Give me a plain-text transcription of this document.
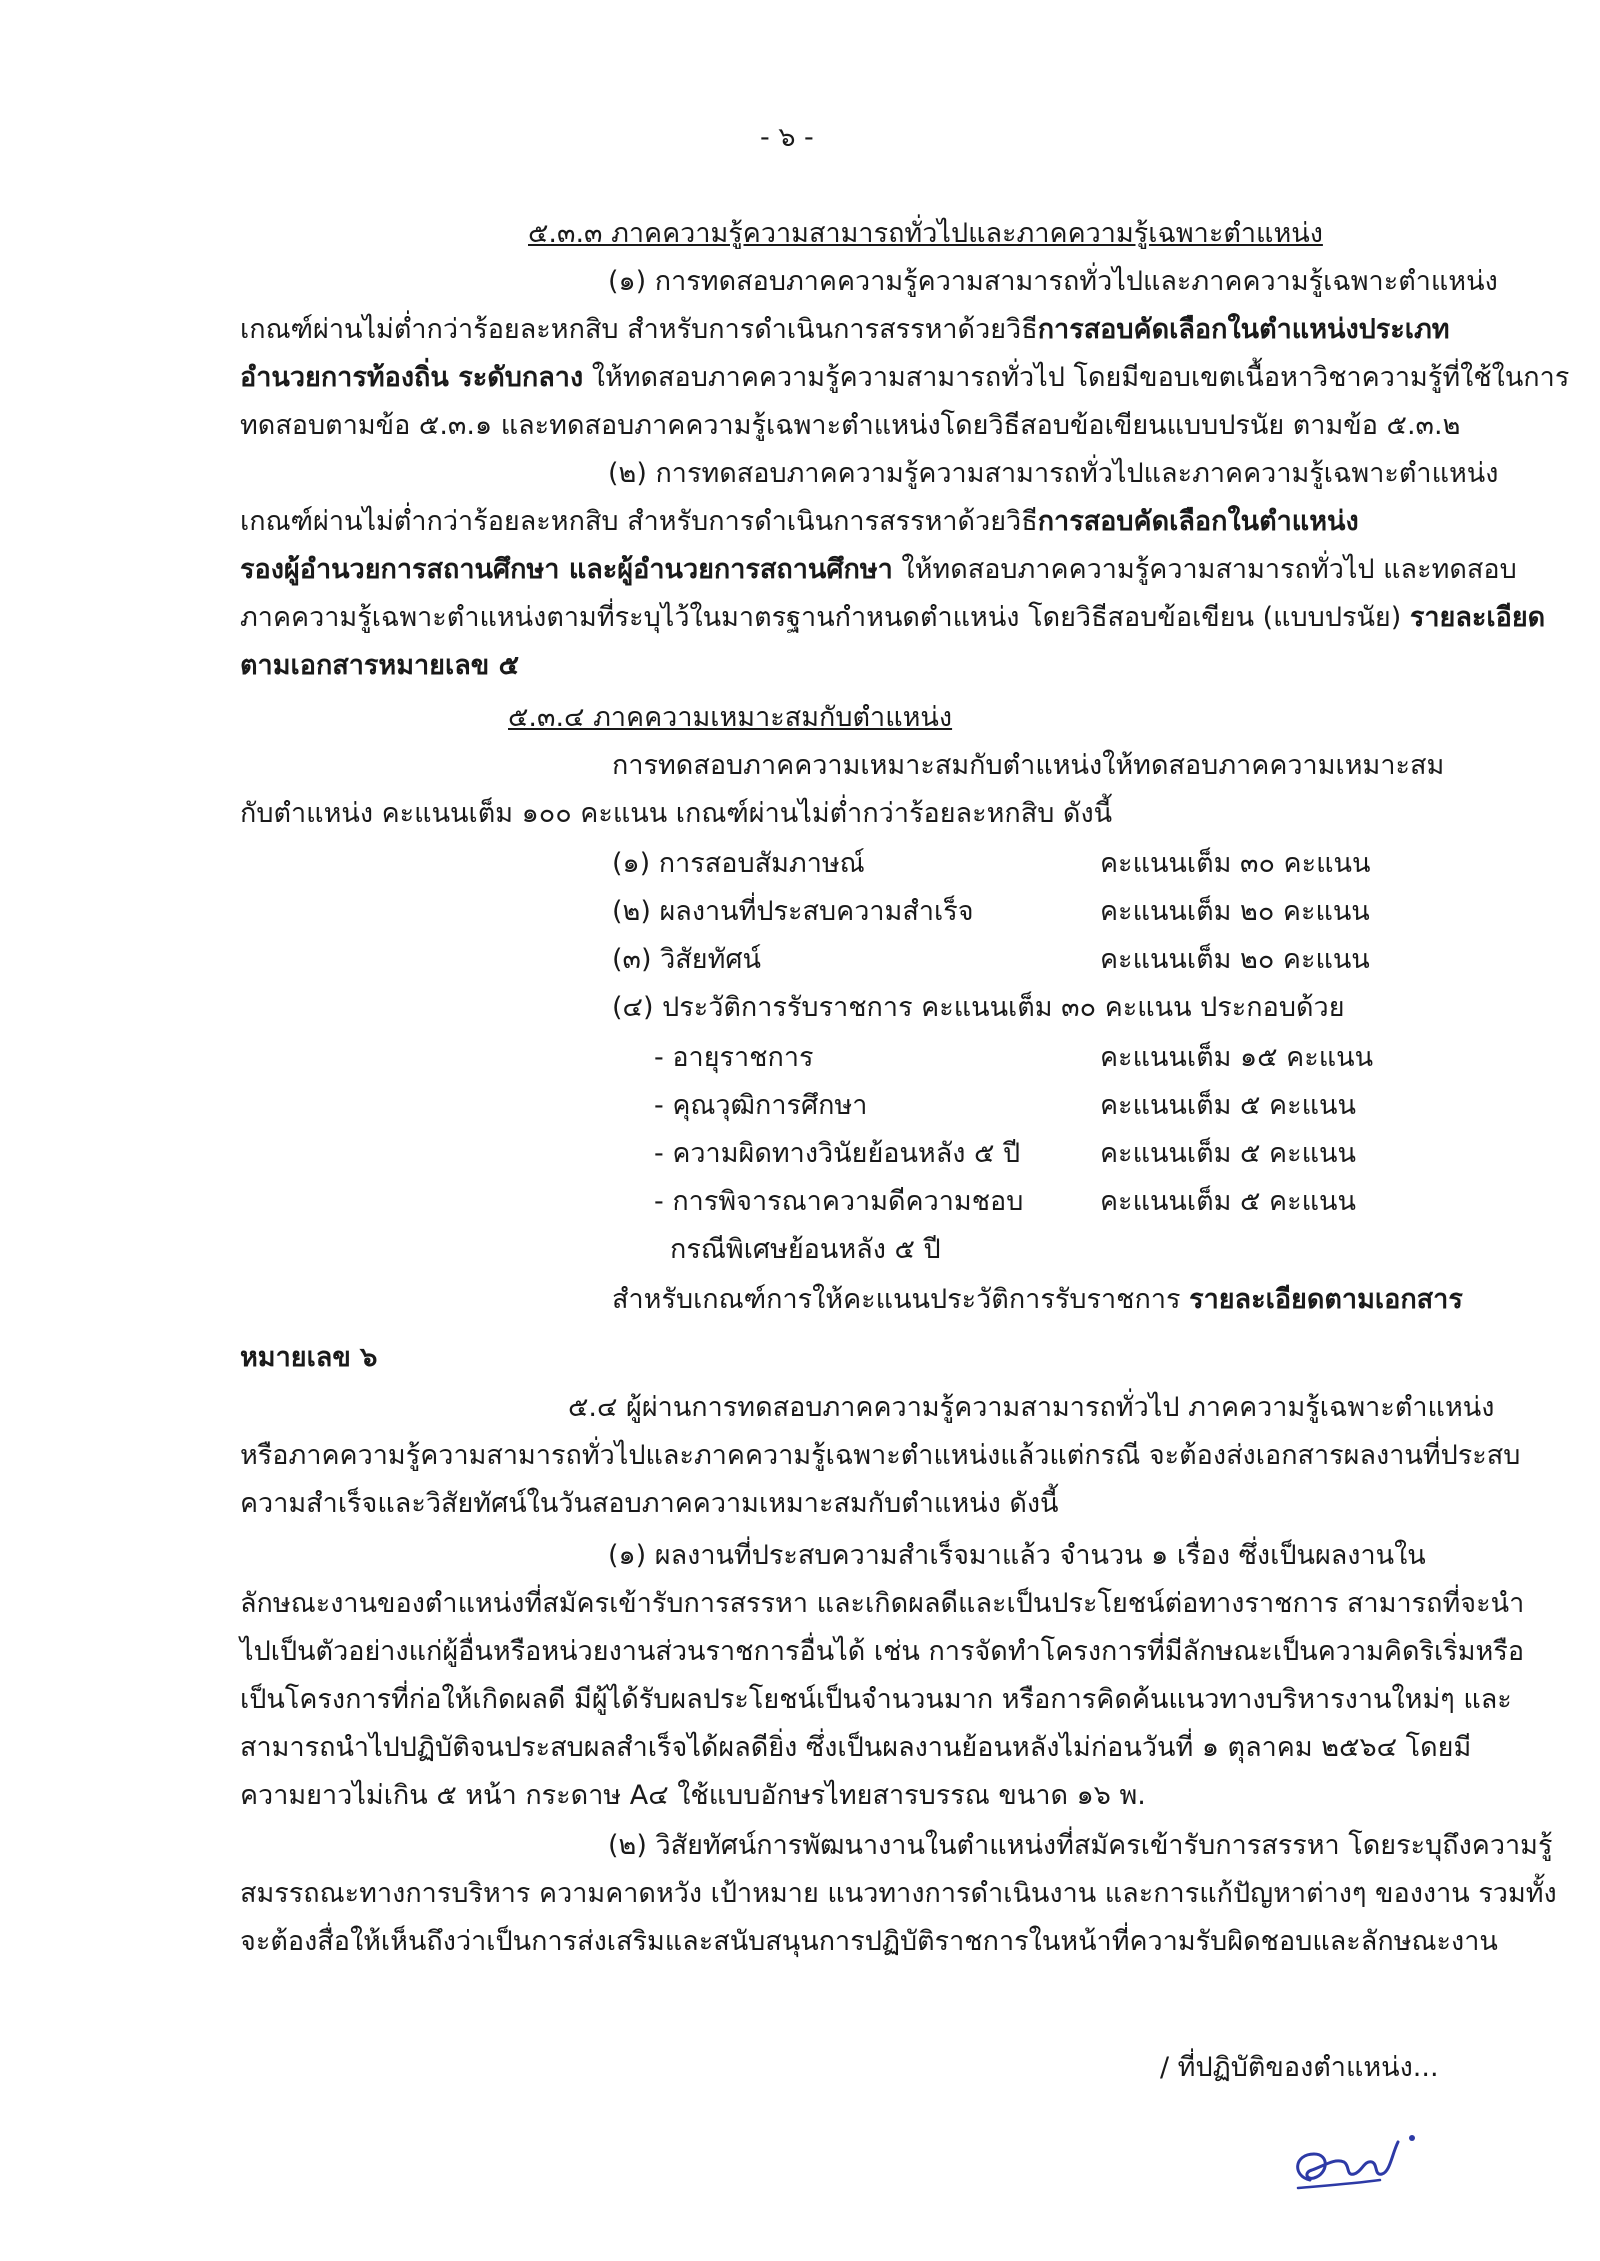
- ๖ -
๕.๓.๓ ภาคความรู้ความสามารถทั่วไปและภาคความรู้เฉพาะตำแหน่ง
(๑) การทดสอบภาคความรู้ความสามารถทั่วไปและภาคความรู้เฉพาะตำแหน่ง
เกณฑ์ผ่านไม่ต่ำกว่าร้อยละหกสิบ สำหรับการดำเนินการสรรหาด้วยวิธีการสอบคัดเลือกในตำแหน่งประเภท
อำนวยการท้องถิ่น ระดับกลาง ให้ทดสอบภาคความรู้ความสามารถทั่วไป โดยมีขอบเขตเนื้อหาวิชาความรู้ที่ใช้ในการ
ทดสอบตามข้อ ๕.๓.๑ และทดสอบภาคความรู้เฉพาะตำแหน่งโดยวิธีสอบข้อเขียนแบบปรนัย ตามข้อ ๕.๓.๒
(๒) การทดสอบภาคความรู้ความสามารถทั่วไปและภาคความรู้เฉพาะตำแหน่ง
เกณฑ์ผ่านไม่ต่ำกว่าร้อยละหกสิบ สำหรับการดำเนินการสรรหาด้วยวิธีการสอบคัดเลือกในตำแหน่ง
รองผู้อำนวยการสถานศึกษา และผู้อำนวยการสถานศึกษา ให้ทดสอบภาคความรู้ความสามารถทั่วไป และทดสอบ
ภาคความรู้เฉพาะตำแหน่งตามที่ระบุไว้ในมาตรฐานกำหนดตำแหน่ง โดยวิธีสอบข้อเขียน (แบบปรนัย) รายละเอียด
ตามเอกสารหมายเลข ๕
๕.๓.๔ ภาคความเหมาะสมกับตำแหน่ง
การทดสอบภาคความเหมาะสมกับตำแหน่งให้ทดสอบภาคความเหมาะสม
กับตำแหน่ง คะแนนเต็ม ๑๐๐ คะแนน เกณฑ์ผ่านไม่ต่ำกว่าร้อยละหกสิบ ดังนี้
(๑) การสอบสัมภาษณ์	คะแนนเต็ม ๓๐ คะแนน
(๒) ผลงานที่ประสบความสำเร็จ	คะแนนเต็ม ๒๐ คะแนน
(๓) วิสัยทัศน์	คะแนนเต็ม ๒๐ คะแนน
(๔) ประวัติการรับราชการ คะแนนเต็ม ๓๐ คะแนน ประกอบด้วย
- อายุราชการ	คะแนนเต็ม ๑๕ คะแนน
- คุณวุฒิการศึกษา	คะแนนเต็ม ๕ คะแนน
- ความผิดทางวินัยย้อนหลัง ๕ ปี	คะแนนเต็ม ๕ คะแนน
- การพิจารณาความดีความชอบ	คะแนนเต็ม ๕ คะแนน
กรณีพิเศษย้อนหลัง ๕ ปี
สำหรับเกณฑ์การให้คะแนนประวัติการรับราชการ รายละเอียดตามเอกสาร
หมายเลข ๖
๕.๔ ผู้ผ่านการทดสอบภาคความรู้ความสามารถทั่วไป ภาคความรู้เฉพาะตำแหน่ง
หรือภาคความรู้ความสามารถทั่วไปและภาคความรู้เฉพาะตำแหน่งแล้วแต่กรณี จะต้องส่งเอกสารผลงานที่ประสบ
ความสำเร็จและวิสัยทัศน์ในวันสอบภาคความเหมาะสมกับตำแหน่ง ดังนี้
(๑) ผลงานที่ประสบความสำเร็จมาแล้ว จำนวน ๑ เรื่อง ซึ่งเป็นผลงานใน
ลักษณะงานของตำแหน่งที่สมัครเข้ารับการสรรหา และเกิดผลดีและเป็นประโยชน์ต่อทางราชการ สามารถที่จะนำ
ไปเป็นตัวอย่างแก่ผู้อื่นหรือหน่วยงานส่วนราชการอื่นได้ เช่น การจัดทำโครงการที่มีลักษณะเป็นความคิดริเริ่มหรือ
เป็นโครงการที่ก่อให้เกิดผลดี มีผู้ได้รับผลประโยชน์เป็นจำนวนมาก หรือการคิดค้นแนวทางบริหารงานใหม่ๆ และ
สามารถนำไปปฏิบัติจนประสบผลสำเร็จได้ผลดียิ่ง ซึ่งเป็นผลงานย้อนหลังไม่ก่อนวันที่ ๑ ตุลาคม ๒๕๖๔ โดยมี
ความยาวไม่เกิน ๕ หน้า กระดาษ A๔ ใช้แบบอักษรไทยสารบรรณ ขนาด ๑๖ พ.
(๒) วิสัยทัศน์การพัฒนางานในตำแหน่งที่สมัครเข้ารับการสรรหา โดยระบุถึงความรู้
สมรรถณะทางการบริหาร ความคาดหวัง เป้าหมาย แนวทางการดำเนินงาน และการแก้ปัญหาต่างๆ ของงาน รวมทั้ง
จะต้องสื่อให้เห็นถึงว่าเป็นการส่งเสริมและสนับสนุนการปฏิบัติราชการในหน้าที่ความรับผิดชอบและลักษณะงาน
/ ที่ปฏิบัติของตำแหน่ง...
